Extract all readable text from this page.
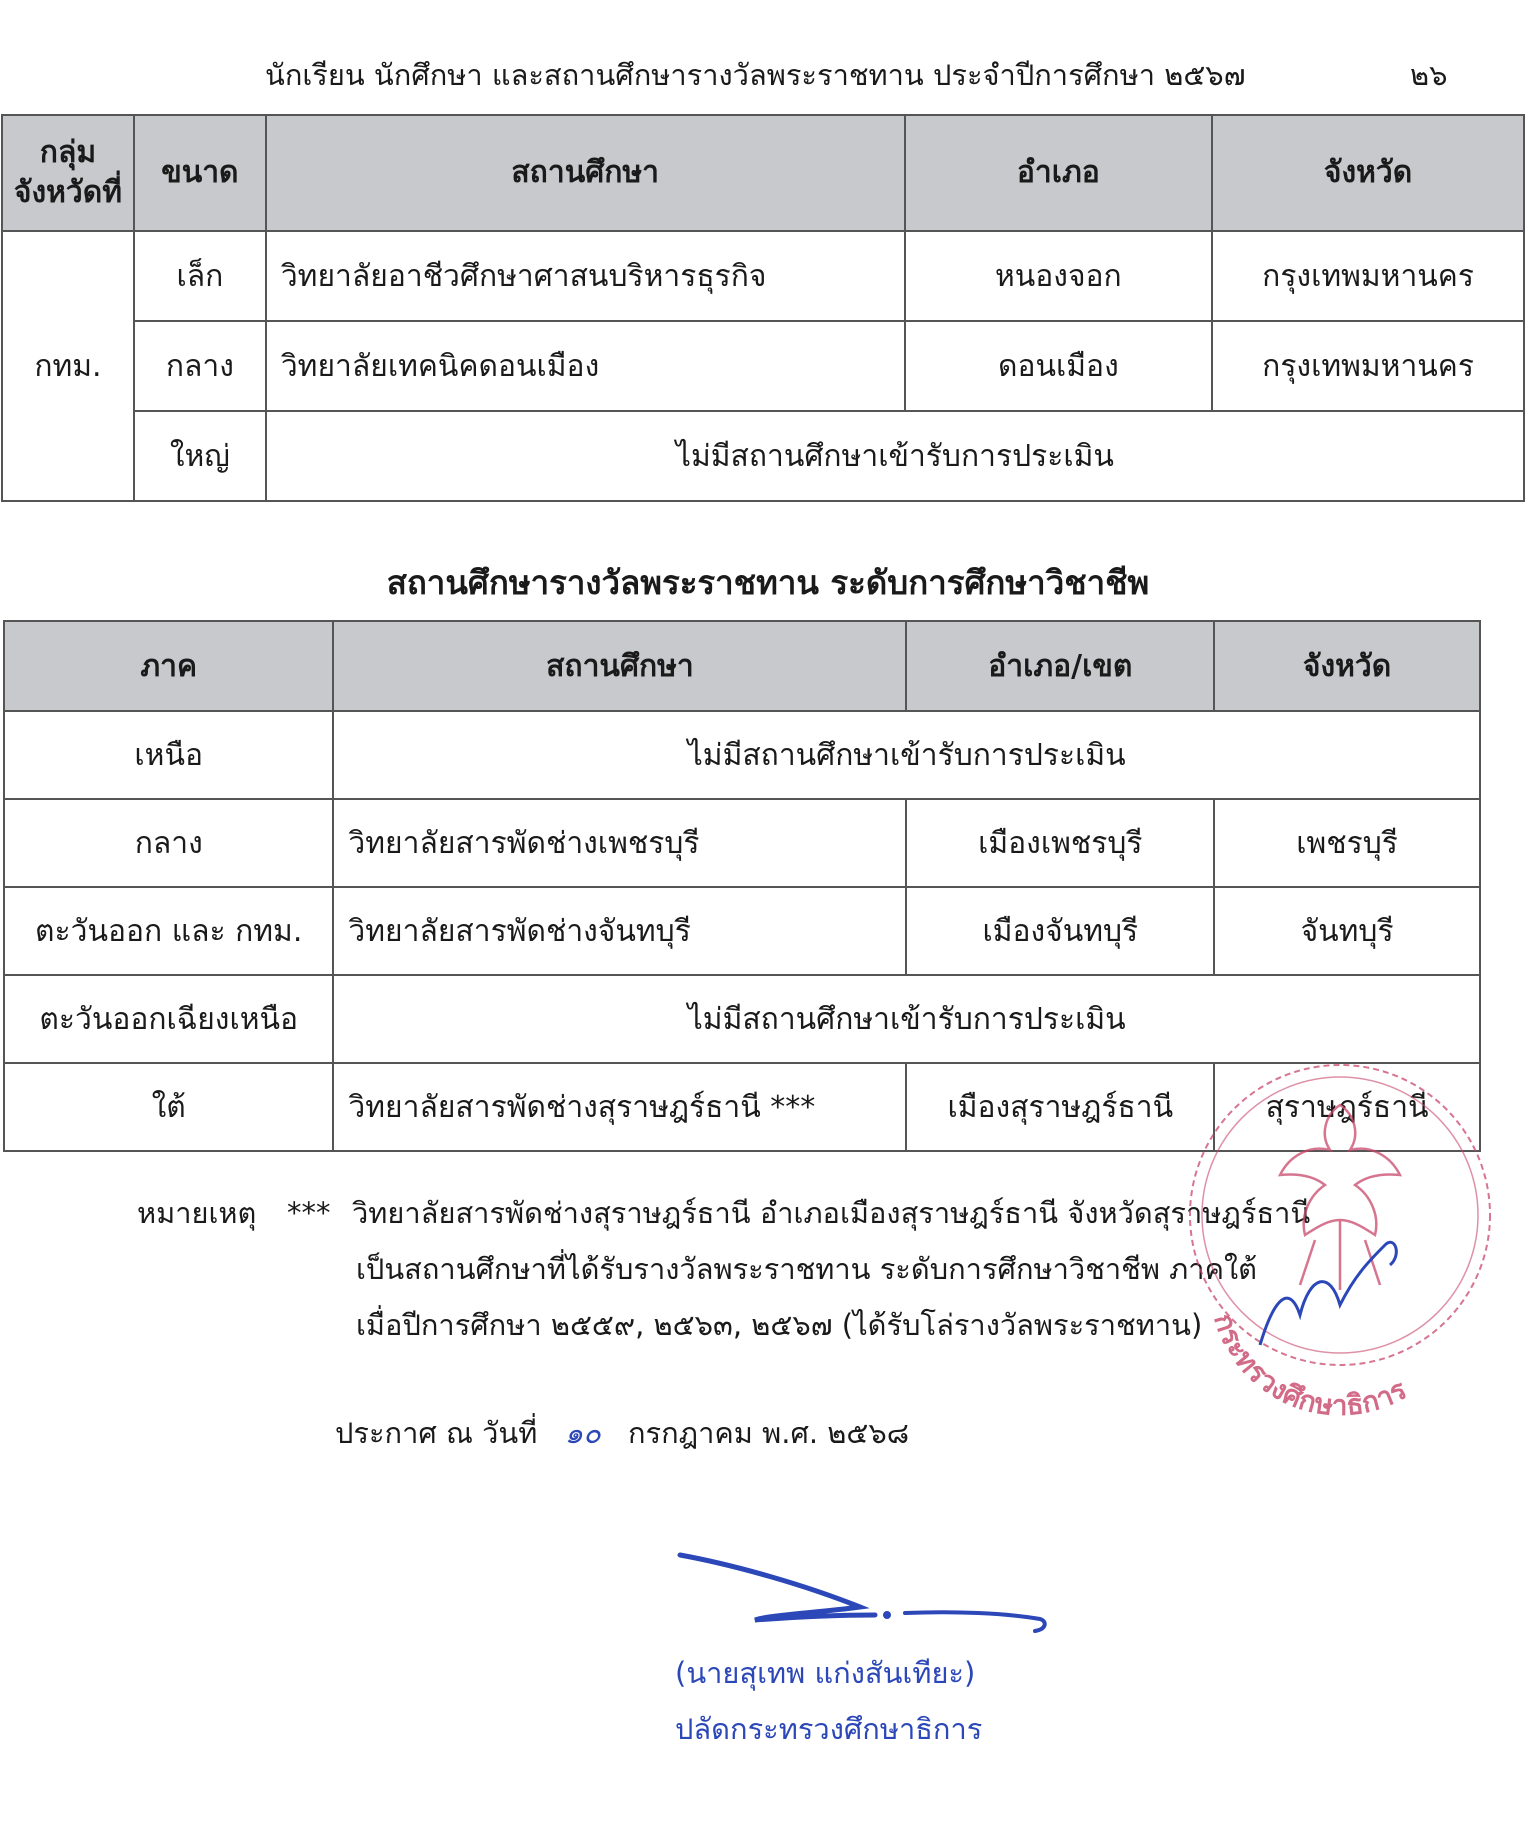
นักเรียน นักศึกษา และสถานศึกษารางวัลพระราชทาน ประจำปีการศึกษา ๒๕๖๗	๒๖
กลุ่ม จังหวัดที่	ขนาด	สถานศึกษา	อำเภอ	จังหวัด
กทม.	เล็ก	วิทยาลัยอาชีวศึกษาศาสนบริหารธุรกิจ	หนองจอก	กรุงเทพมหานคร
	กลาง	วิทยาลัยเทคนิคดอนเมือง	ดอนเมือง	กรุงเทพมหานคร
	ใหญ่	ไม่มีสถานศึกษาเข้ารับการประเมิน		
สถานศึกษารางวัลพระราชทาน ระดับการศึกษาวิชาชีพ
ภาค	สถานศึกษา	อำเภอ/เขต	จังหวัด
เหนือ	ไม่มีสถานศึกษาเข้ารับการประเมิน		
กลาง	วิทยาลัยสารพัดช่างเพชรบุรี	เมืองเพชรบุรี	เพชรบุรี
ตะวันออก และ กทม.	วิทยาลัยสารพัดช่างจันทบุรี	เมืองจันทบุรี	จันทบุรี
ตะวันออกเฉียงเหนือ	ไม่มีสถานศึกษาเข้ารับการประเมิน		
ใต้	วิทยาลัยสารพัดช่างสุราษฎร์ธานี ***	เมืองสุราษฎร์ธานี	สุราษฎร์ธานี
หมายเหตุ *** วิทยาลัยสารพัดช่างสุราษฎร์ธานี อำเภอเมืองสุราษฎร์ธานี จังหวัดสุราษฎร์ธานี
เป็นสถานศึกษาที่ได้รับรางวัลพระราชทาน ระดับการศึกษาวิชาชีพ ภาคใต้
เมื่อปีการศึกษา ๒๕๕๙, ๒๕๖๓, ๒๕๖๗ (ได้รับโล่รางวัลพระราชทาน) กระทรวงศึกษาธิการ
ประกาศ ณ วันที่ ๑๐ กรกฎาคม พ.ศ. ๒๕๖๘
(นายสุเทพ แก่งสันเทียะ)
ปลัดกระทรวงศึกษาธิการ
